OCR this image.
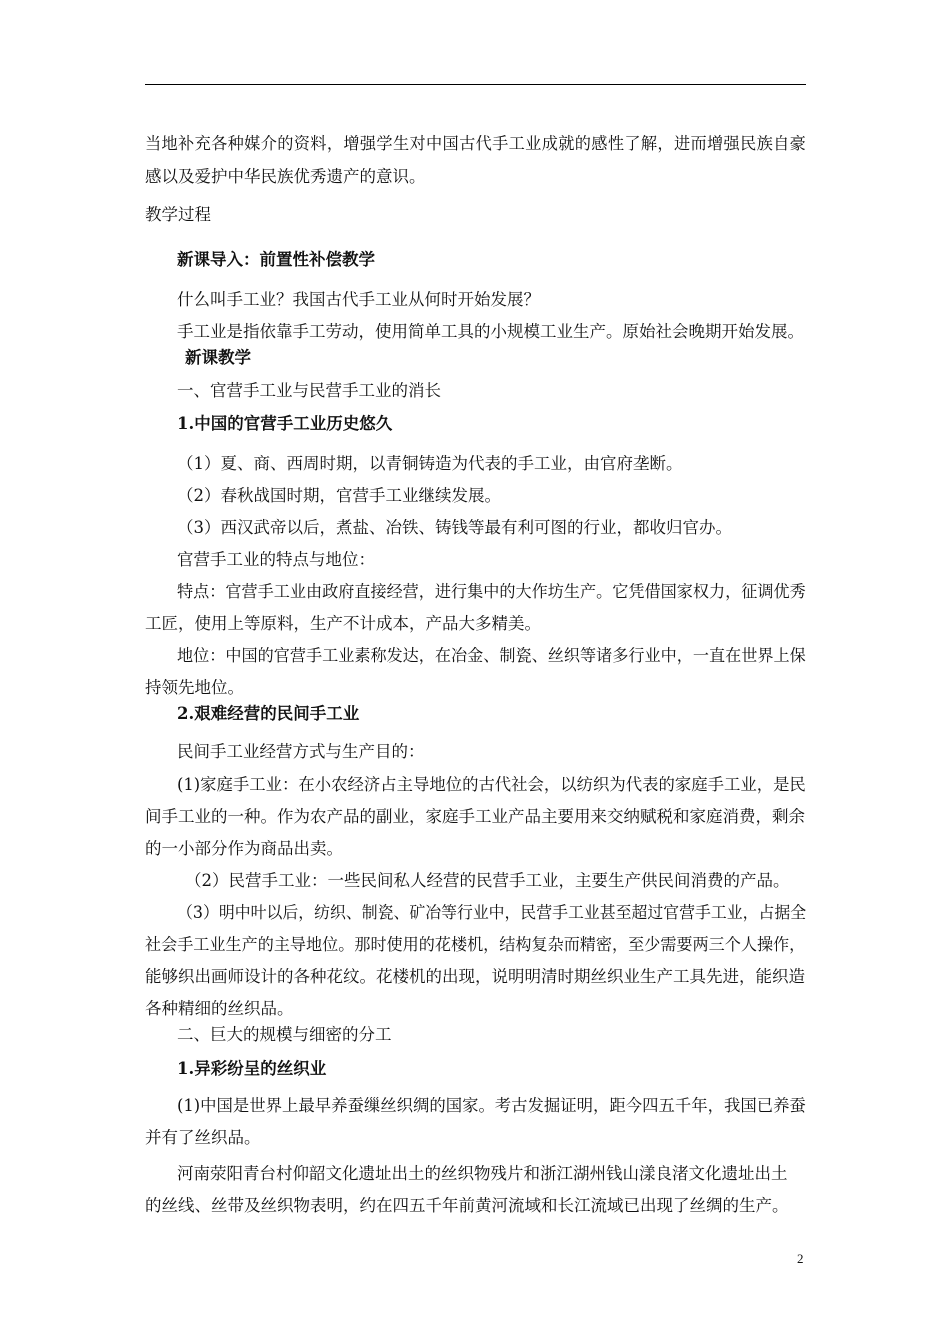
当地补充各种媒介的资料，增强学生对中国古代手工业成就的感性了解，进而增强民族自豪
感以及爱护中华民族优秀遗产的意识。
教学过程
新课导入：前置性补偿教学
什么叫手工业？我国古代手工业从何时开始发展？
手工业是指依靠手工劳动，使用简单工具的小规模工业生产。原始社会晚期开始发展。
新课教学
一、官营手工业与民营手工业的消长
1.中国的官营手工业历史悠久
（1）夏、商、西周时期，以青铜铸造为代表的手工业，由官府垄断。
（2）春秋战国时期，官营手工业继续发展。
（3）西汉武帝以后，煮盐、冶铁、铸钱等最有利可图的行业，都收归官办。
官营手工业的特点与地位：
特点：官营手工业由政府直接经营，进行集中的大作坊生产。它凭借国家权力，征调优秀
工匠，使用上等原料，生产不计成本，产品大多精美。
地位：中国的官营手工业素称发达，在冶金、制瓷、丝织等诸多行业中，一直在世界上保
持领先地位。
2.艰难经营的民间手工业
民间手工业经营方式与生产目的：
(1)家庭手工业：在小农经济占主导地位的古代社会，以纺织为代表的家庭手工业，是民
间手工业的一种。作为农产品的副业，家庭手工业产品主要用来交纳赋税和家庭消费，剩余
的一小部分作为商品出卖。
（2）民营手工业：一些民间私人经营的民营手工业，主要生产供民间消费的产品。
（3）明中叶以后，纺织、制瓷、矿冶等行业中，民营手工业甚至超过官营手工业，占据全
社会手工业生产的主导地位。那时使用的花楼机，结构复杂而精密，至少需要两三个人操作，
能够织出画师设计的各种花纹。花楼机的出现，说明明清时期丝织业生产工具先进，能织造
各种精细的丝织品。
二、巨大的规模与细密的分工
1.异彩纷呈的丝织业
(1)中国是世界上最早养蚕缫丝织绸的国家。考古发掘证明，距今四五千年，我国已养蚕
并有了丝织品。
河南荥阳青台村仰韶文化遗址出土的丝织物残片和浙江湖州钱山漾良渚文化遗址出土
的丝线、丝带及丝织物表明，约在四五千年前黄河流域和长江流域已出现了丝绸的生产。
2
